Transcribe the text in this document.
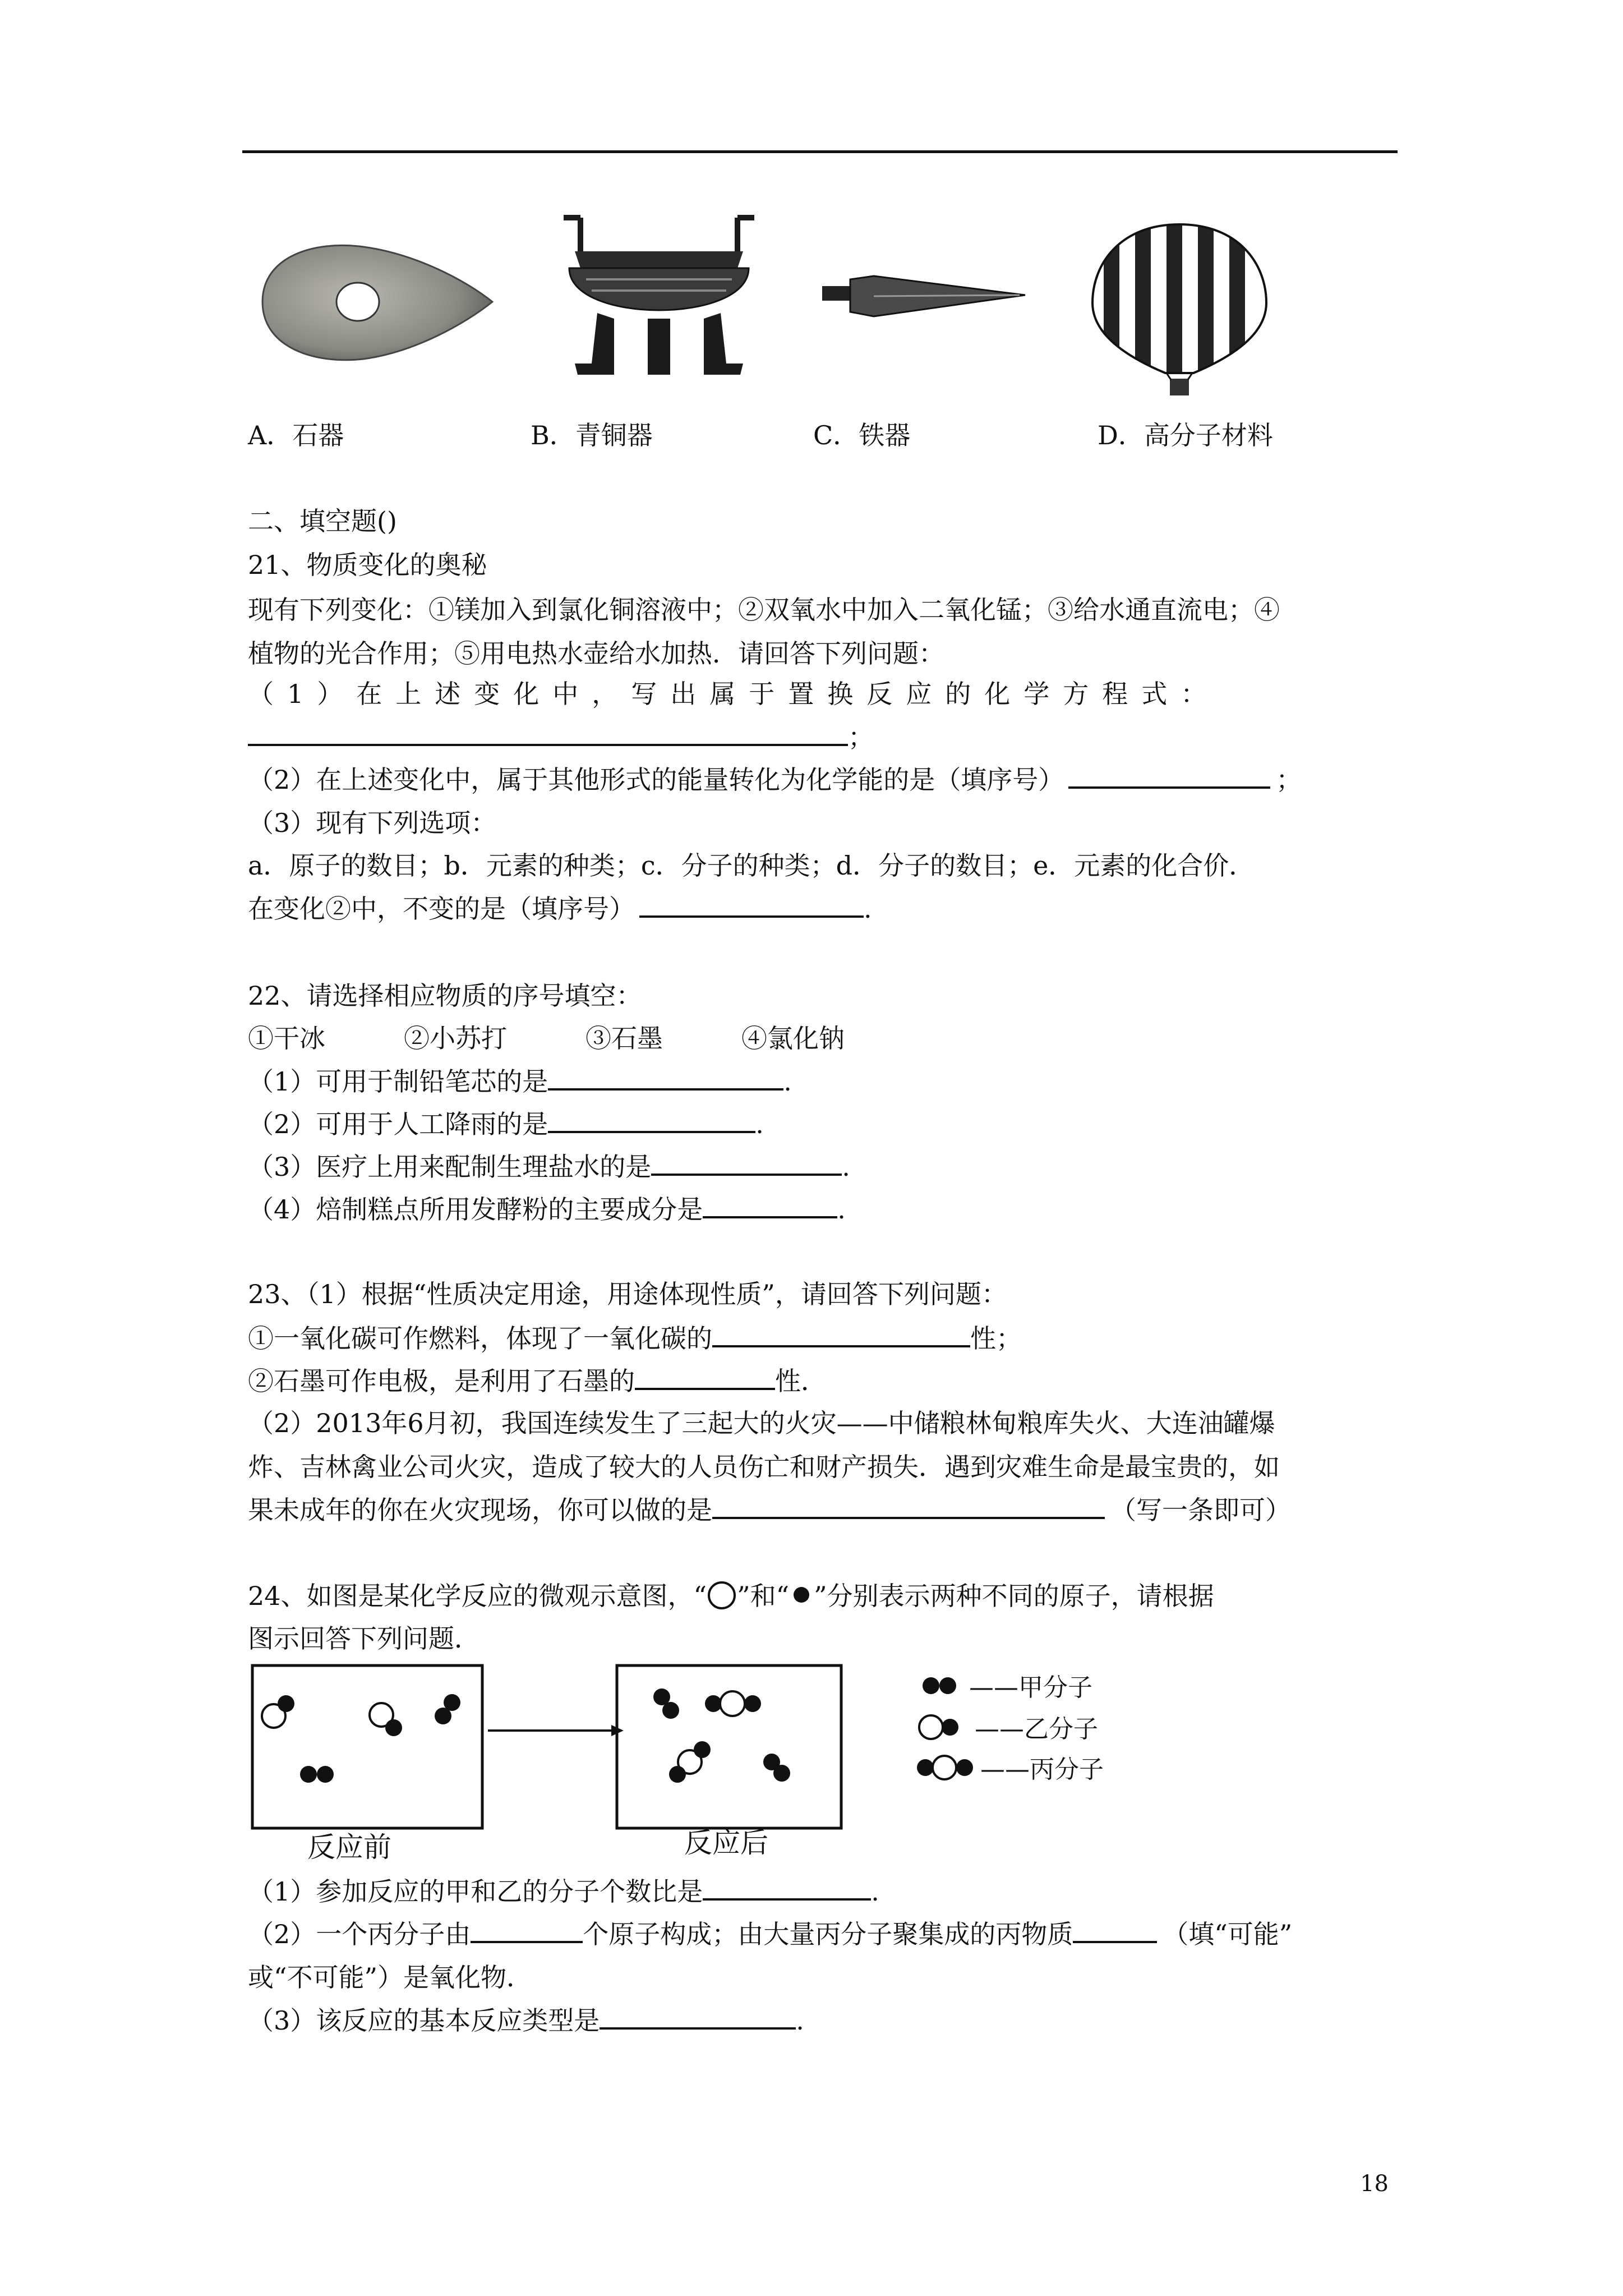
A．石器	B．青铜器	C．铁器	D．高分子材料
二、填空题()
21、物质变化的奥秘
现有下列变化：①镁加入到氯化铜溶液中；②双氧水中加入二氧化锰；③给水通直流电；④
植物的光合作用；⑤用电热水壶给水加热．请回答下列问题：
（1）在上述变化中，写出属于置换反应的化学方程式：
；
（2）在上述变化中，属于其他形式的能量转化为化学能的是（填序号）	；
（3）现有下列选项：
a．原子的数目；b．元素的种类；c．分子的种类；d．分子的数目；e．元素的化合价．
在变化②中，不变的是（填序号）	.
22、请选择相应物质的序号填空：
①干冰	②小苏打	③石墨	④氯化钠
（1）可用于制铅笔芯的是	.
（2）可用于人工降雨的是	.
（3）医疗上用来配制生理盐水的是	.
（4）焙制糕点所用发酵粉的主要成分是	.
23、（1）根据“性质决定用途，用途体现性质”，请回答下列问题：
①一氧化碳可作燃料，体现了一氧化碳的	性；
②石墨可作电极，是利用了石墨的	性．
（2）2013年6月初，我国连续发生了三起大的火灾——中储粮林甸粮库失火、大连油罐爆
炸、吉林禽业公司火灾，造成了较大的人员伤亡和财产损失．遇到灾难生命是最宝贵的，如
果未成年的你在火灾现场，你可以做的是	（写一条即可）
24、如图是某化学反应的微观示意图，“ ”和“ ”分别表示两种不同的原子，请根据
图示回答下列问题．
——甲分子
——乙分子
——丙分子
反应前	反应后
（1）参加反应的甲和乙的分子个数比是	.
（2）一个丙分子由	个原子构成；由大量丙分子聚集成的丙物质	（填“可能”
或“不可能”）是氧化物．
（3）该反应的基本反应类型是	.
18
